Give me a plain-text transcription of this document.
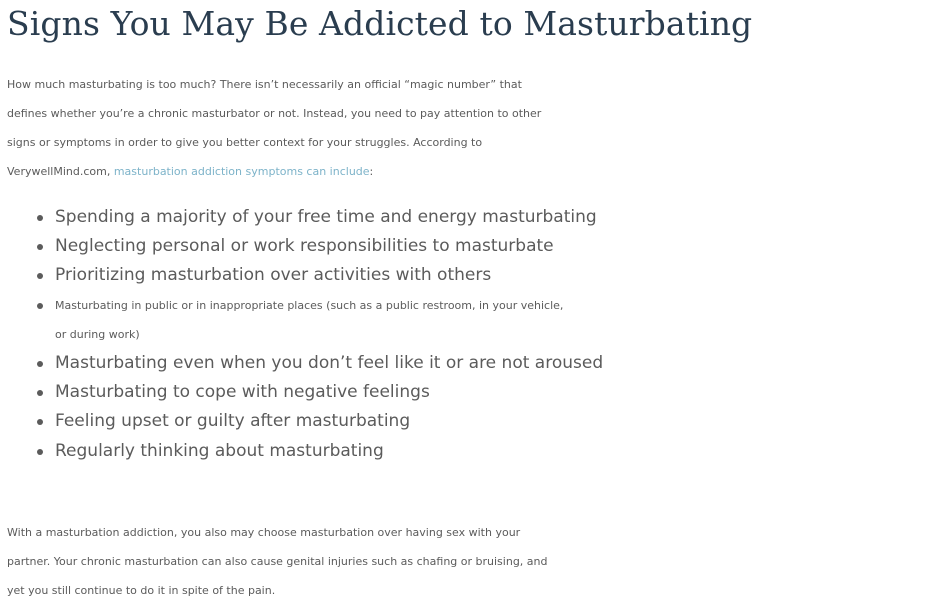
Signs You May Be Addicted to Masturbating

How much masturbating is too much? There isn’t necessarily an official “magic number” that
defines whether you’re a chronic masturbator or not. Instead, you need to pay attention to other
signs or symptoms in order to give you better context for your struggles. According to
VerywellMind.com, masturbation addiction symptoms can include:

Spending a majority of your free time and energy masturbating
Neglecting personal or work responsibilities to masturbate
Prioritizing masturbation over activities with others
Masturbating in public or in inappropriate places (such as a public restroom, in your vehicle,
or during work)
Masturbating even when you don’t feel like it or are not aroused
Masturbating to cope with negative feelings
Feeling upset or guilty after masturbating
Regularly thinking about masturbating

With a masturbation addiction, you also may choose masturbation over having sex with your
partner. Your chronic masturbation can also cause genital injuries such as chafing or bruising, and
yet you still continue to do it in spite of the pain.
